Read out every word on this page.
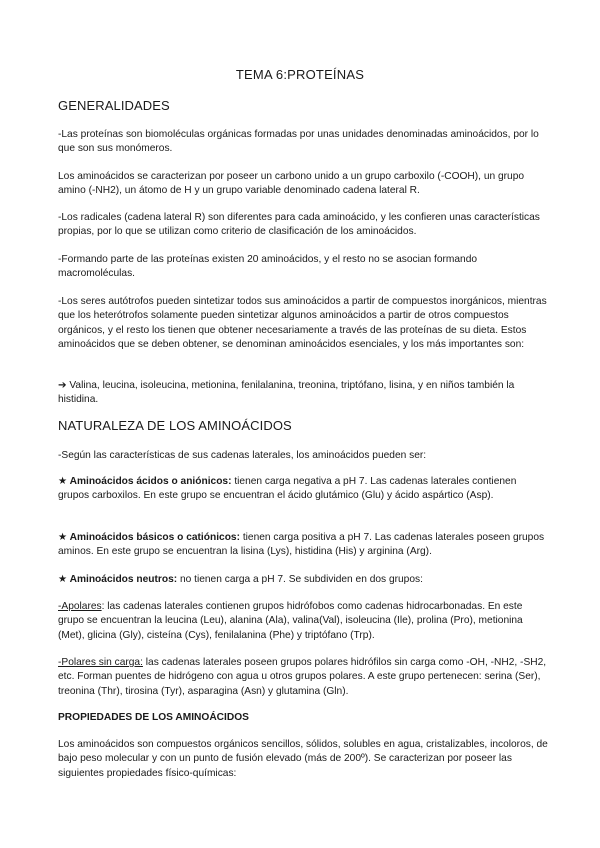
TEMA 6:PROTEÍNAS
GENERALIDADES

-Las proteínas son biomoléculas orgánicas formadas por unas unidades denominadas aminoácidos, por lo que son sus monómeros.

Los aminoácidos se caracterizan por poseer un carbono unido a un grupo carboxilo (-COOH), un grupo amino (-NH2), un átomo de H y un grupo variable denominado cadena lateral R.

-Los radicales (cadena lateral R) son diferentes para cada aminoácido, y les confieren unas características propias, por lo que se utilizan como criterio de clasificación de los aminoácidos.

-Formando parte de las proteínas existen 20 aminoácidos, y el resto no se asocian formando macromoléculas.

-Los seres autótrofos pueden sintetizar todos sus aminoácidos a partir de compuestos inorgánicos, mientras que los heterótrofos solamente pueden sintetizar algunos aminoácidos a partir de otros compuestos orgánicos, y el resto los tienen que obtener necesariamente a través de las proteínas de su dieta. Estos aminoácidos que se deben obtener, se denominan aminoácidos esenciales, y los más importantes son:

➔ Valina, leucina, isoleucina, metionina, fenilalanina, treonina, triptófano, lisina, y en niños también la histidina.

NATURALEZA DE LOS AMINOÁCIDOS

-Según las características de sus cadenas laterales, los aminoácidos pueden ser:

★ Aminoácidos ácidos o aniónicos: tienen carga negativa a pH 7. Las cadenas laterales contienen grupos carboxilos. En este grupo se encuentran el ácido glutámico (Glu) y ácido aspártico (Asp).

★ Aminoácidos básicos o catiónicos: tienen carga positiva a pH 7. Las cadenas laterales poseen grupos aminos. En este grupo se encuentran la lisina (Lys), histidina (His) y arginina (Arg).

★ Aminoácidos neutros: no tienen carga a pH 7. Se subdividen en dos grupos:

-Apolares: las cadenas laterales contienen grupos hidrófobos como cadenas hidrocarbonadas. En este grupo se encuentran la leucina (Leu), alanina (Ala), valina(Val), isoleucina (Ile), prolina (Pro), metionina (Met), glicina (Gly), cisteína (Cys), fenilalanina (Phe) y triptófano (Trp).

-Polares sin carga: las cadenas laterales poseen grupos polares hidrófilos sin carga como -OH, -NH2, -SH2, etc. Forman puentes de hidrógeno con agua u otros grupos polares. A este grupo pertenecen: serina (Ser), treonina (Thr), tirosina (Tyr), asparagina (Asn) y glutamina (Gln).

PROPIEDADES DE LOS AMINOÁCIDOS

Los aminoácidos son compuestos orgánicos sencillos, sólidos, solubles en agua, cristalizables, incoloros, de bajo peso molecular y con un punto de fusión elevado (más de 200º). Se caracterizan por poseer las siguientes propiedades físico-químicas:
